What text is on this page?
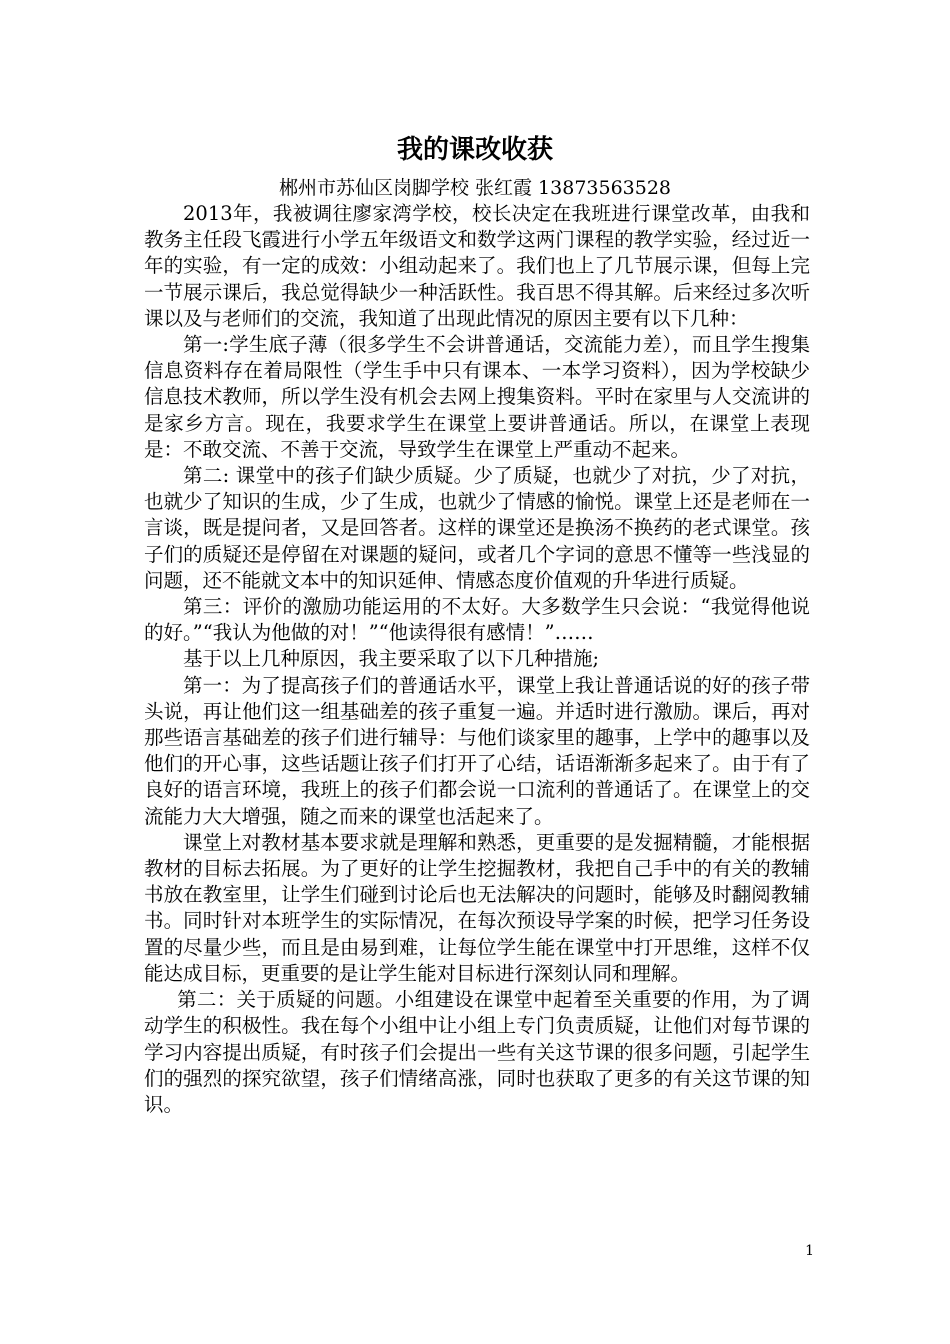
我的课改收获

郴州市苏仙区岗脚学校 张红霞 13873563528

2013年，我被调往廖家湾学校，校长决定在我班进行课堂改革，由我和教务主任段飞霞进行小学五年级语文和数学这两门课程的教学实验，经过近一年的实验，有一定的成效：小组动起来了。我们也上了几节展示课，但每上完一节展示课后，我总觉得缺少一种活跃性。我百思不得其解。后来经过多次听课以及与老师们的交流，我知道了出现此情况的原因主要有以下几种：

第一:学生底子薄（很多学生不会讲普通话，交流能力差），而且学生搜集信息资料存在着局限性（学生手中只有课本、一本学习资料），因为学校缺少信息技术教师，所以学生没有机会去网上搜集资料。平时在家里与人交流讲的是家乡方言。现在，我要求学生在课堂上要讲普通话。所以，在课堂上表现是：不敢交流、不善于交流，导致学生在课堂上严重动不起来。

第二: 课堂中的孩子们缺少质疑。少了质疑，也就少了对抗，少了对抗，也就少了知识的生成，少了生成，也就少了情感的愉悦。课堂上还是老师在一言谈，既是提问者，又是回答者。这样的课堂还是换汤不换药的老式课堂。孩子们的质疑还是停留在对课题的疑问，或者几个字词的意思不懂等一些浅显的问题，还不能就文本中的知识延伸、情感态度价值观的升华进行质疑。

第三：评价的激励功能运用的不太好。大多数学生只会说：“我觉得他说的好。”“我认为他做的对！”“他读得很有感情！”……

基于以上几种原因，我主要采取了以下几种措施;

第一：为了提高孩子们的普通话水平，课堂上我让普通话说的好的孩子带头说，再让他们这一组基础差的孩子重复一遍。并适时进行激励。课后，再对那些语言基础差的孩子们进行辅导：与他们谈家里的趣事，上学中的趣事以及他们的开心事，这些话题让孩子们打开了心结，话语渐渐多起来了。由于有了良好的语言环境，我班上的孩子们都会说一口流利的普通话了。在课堂上的交流能力大大增强，随之而来的课堂也活起来了。

课堂上对教材基本要求就是理解和熟悉，更重要的是发掘精髓，才能根据教材的目标去拓展。为了更好的让学生挖掘教材，我把自己手中的有关的教辅书放在教室里，让学生们碰到讨论后也无法解决的问题时，能够及时翻阅教辅书。同时针对本班学生的实际情况，在每次预设导学案的时候，把学习任务设置的尽量少些，而且是由易到难，让每位学生能在课堂中打开思维，这样不仅能达成目标，更重要的是让学生能对目标进行深刻认同和理解。

第二：关于质疑的问题。小组建设在课堂中起着至关重要的作用，为了调动学生的积极性。我在每个小组中让小组上专门负责质疑，让他们对每节课的学习内容提出质疑，有时孩子们会提出一些有关这节课的很多问题，引起学生们的强烈的探究欲望，孩子们情绪高涨，同时也获取了更多的有关这节课的知识。

1
